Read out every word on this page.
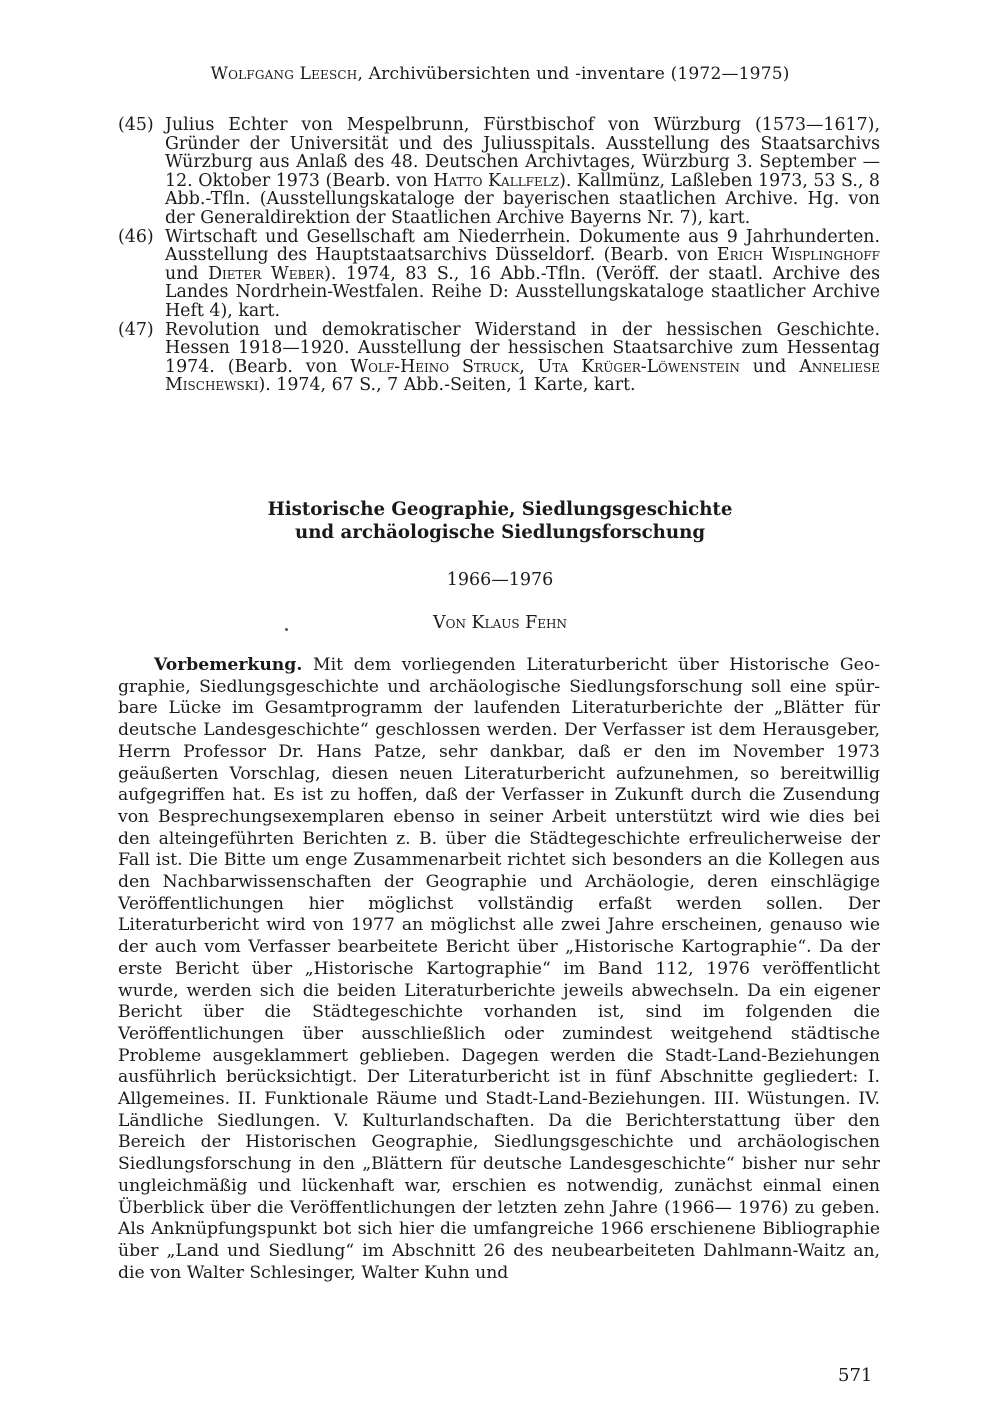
Wolfgang Leesch, Archivübersichten und -inventare (1972—1975)
(45) Julius Echter von Mespelbrunn, Fürstbischof von Würzburg (1573—1617), Gründer der Universität und des Juliusspitals. Ausstellung des Staatsarchivs Würzburg aus Anlaß des 48. Deutschen Archivtages, Würzburg 3. September — 12. Oktober 1973 (Bearb. von Hatto Kallfelz). Kallmünz, Laßleben 1973, 53 S., 8 Abb.-Tfln. (Ausstellungskataloge der bayerischen staatlichen Archive. Hg. von der Generaldirektion der Staatlichen Archive Bayerns Nr. 7), kart.
(46) Wirtschaft und Gesellschaft am Niederrhein. Dokumente aus 9 Jahrhunderten. Ausstellung des Hauptstaatsarchivs Düsseldorf. (Bearb. von Erich Wisplinghoff und Dieter Weber). 1974, 83 S., 16 Abb.-Tfln. (Veröff. der staatl. Archive des Landes Nordrhein-Westfalen. Reihe D: Ausstellungskataloge staatlicher Archive Heft 4), kart.
(47) Revolution und demokratischer Widerstand in der hessischen Geschichte. Hessen 1918—1920. Ausstellung der hessischen Staatsarchive zum Hessentag 1974. (Bearb. von Wolf-Heino Struck, Uta Krüger-Löwenstein und Anneliese Mischewski). 1974, 67 S., 7 Abb.-Seiten, 1 Karte, kart.
Historische Geographie, Siedlungsgeschichte
und archäologische Siedlungsforschung
1966—1976
Von Klaus Fehn

Vorbemerkung. Mit dem vorliegenden Literaturbericht über Historische Geographie, Siedlungsgeschichte und archäologische Siedlungsforschung soll eine spürbare Lücke im Gesamtprogramm der laufenden Literaturberichte der „Blätter für deutsche Landesgeschichte“ geschlossen werden. Der Verfasser ist dem Herausgeber, Herrn Professor Dr. Hans Patze, sehr dankbar, daß er den im November 1973 geäußerten Vorschlag, diesen neuen Literaturbericht aufzunehmen, so bereitwillig aufgegriffen hat. Es ist zu hoffen, daß der Verfasser in Zukunft durch die Zusendung von Besprechungsexemplaren ebenso in seiner Arbeit unterstützt wird wie dies bei den alteingeführten Berichten z. B. über die Städtegeschichte erfreulicherweise der Fall ist. Die Bitte um enge Zusammenarbeit richtet sich besonders an die Kollegen aus den Nachbarwissenschaften der Geographie und Archäologie, deren einschlägige Veröffentlichungen hier möglichst vollständig erfaßt werden sollen. Der Literaturbericht wird von 1977 an möglichst alle zwei Jahre erscheinen, genauso wie der auch vom Verfasser bearbeitete Bericht über „Historische Kartographie“. Da der erste Bericht über „Historische Kartographie“ im Band 112, 1976 veröffentlicht wurde, werden sich die beiden Literaturberichte jeweils abwechseln. Da ein eigener Bericht über die Städtegeschichte vorhanden ist, sind im folgenden die Veröffentlichungen über ausschließlich oder zumindest weitgehend städtische Probleme ausgeklammert geblieben. Dagegen werden die Stadt-Land-Beziehungen ausführlich berücksichtigt. Der Literaturbericht ist in fünf Abschnitte gegliedert: I. Allgemeines. II. Funktionale Räume und Stadt-Land-Beziehungen. III. Wüstungen. IV. Ländliche Siedlungen. V. Kulturlandschaften. Da die Berichterstattung über den Bereich der Historischen Geographie, Siedlungsgeschichte und archäologischen Siedlungsforschung in den „Blättern für deutsche Landesgeschichte“ bisher nur sehr ungleichmäßig und lückenhaft war, erschien es notwendig, zunächst einmal einen Überblick über die Veröffentlichungen der letzten zehn Jahre (1966— 1976) zu geben. Als Anknüpfungspunkt bot sich hier die umfangreiche 1966 erschienene Bibliographie über „Land und Siedlung“ im Abschnitt 26 des neubearbeiteten Dahlmann-Waitz an, die von Walter Schlesinger, Walter Kuhn und

571
